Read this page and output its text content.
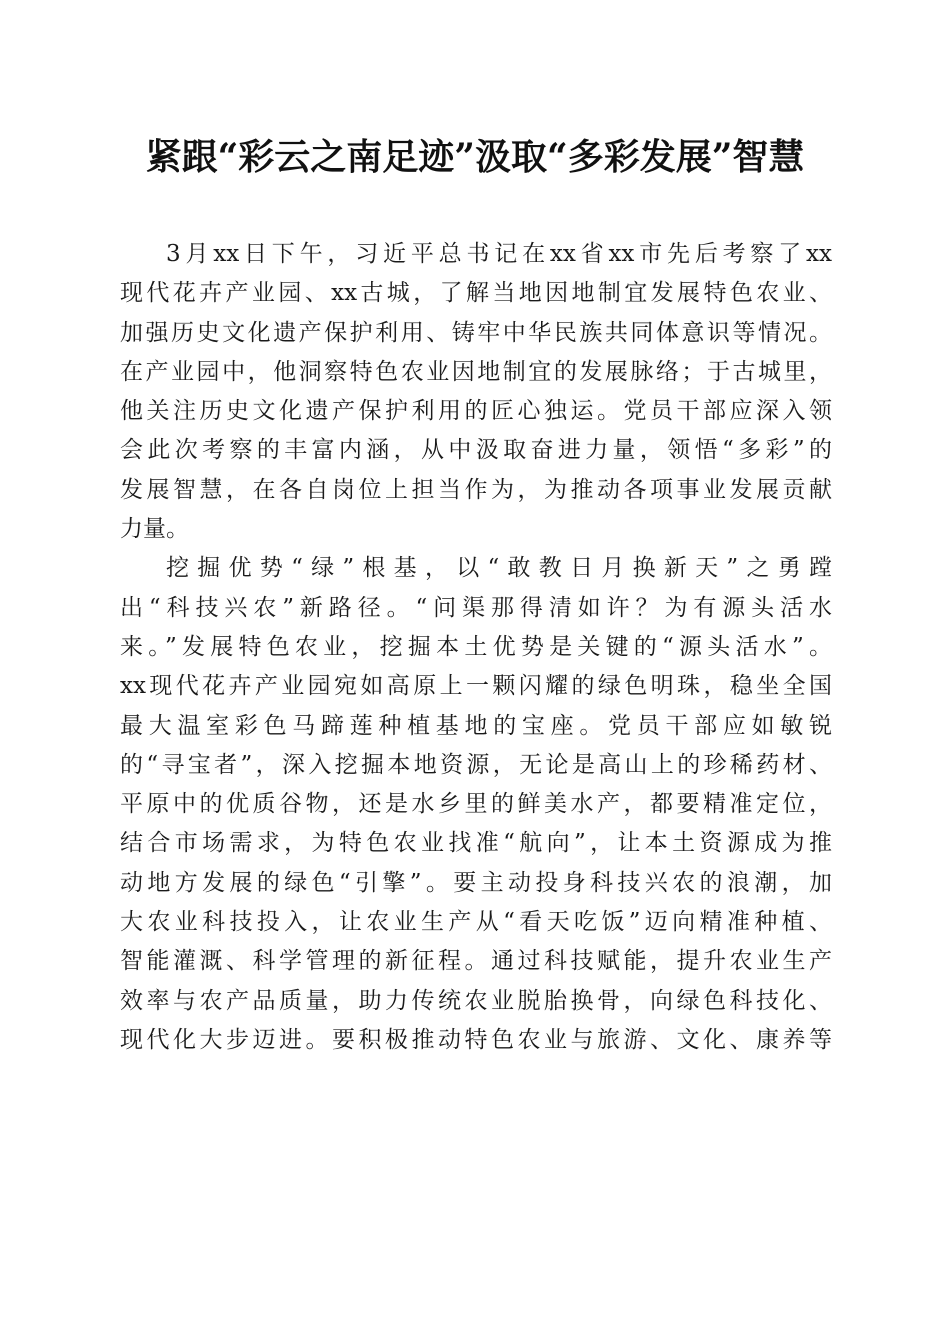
紧跟“彩云之南足迹”汲取“多彩发展”智慧

3月xx日下午，习近平总书记在xx省xx市先后考察了xx
现代花卉产业园、xx古城，了解当地因地制宜发展特色农业、
加强历史文化遗产保护利用、铸牢中华民族共同体意识等情况。
在产业园中，他洞察特色农业因地制宜的发展脉络；于古城里，
他关注历史文化遗产保护利用的匠心独运。党员干部应深入领
会此次考察的丰富内涵，从中汲取奋进力量，领悟“多彩”的
发展智慧，在各自岗位上担当作为，为推动各项事业发展贡献
力量。

挖掘优势“绿”根基，以“敢教日月换新天”之勇蹚
出“科技兴农”新路径。“问渠那得清如许？为有源头活水
来。”发展特色农业，挖掘本土优势是关键的“源头活水”。
xx现代花卉产业园宛如高原上一颗闪耀的绿色明珠，稳坐全国
最大温室彩色马蹄莲种植基地的宝座。党员干部应如敏锐
的“寻宝者”，深入挖掘本地资源，无论是高山上的珍稀药材、
平原中的优质谷物，还是水乡里的鲜美水产，都要精准定位，
结合市场需求，为特色农业找准“航向”，让本土资源成为推
动地方发展的绿色“引擎”。要主动投身科技兴农的浪潮，加
大农业科技投入，让农业生产从“看天吃饭”迈向精准种植、
智能灌溉、科学管理的新征程。通过科技赋能，提升农业生产
效率与农产品质量，助力传统农业脱胎换骨，向绿色科技化、
现代化大步迈进。要积极推动特色农业与旅游、文化、康养等
